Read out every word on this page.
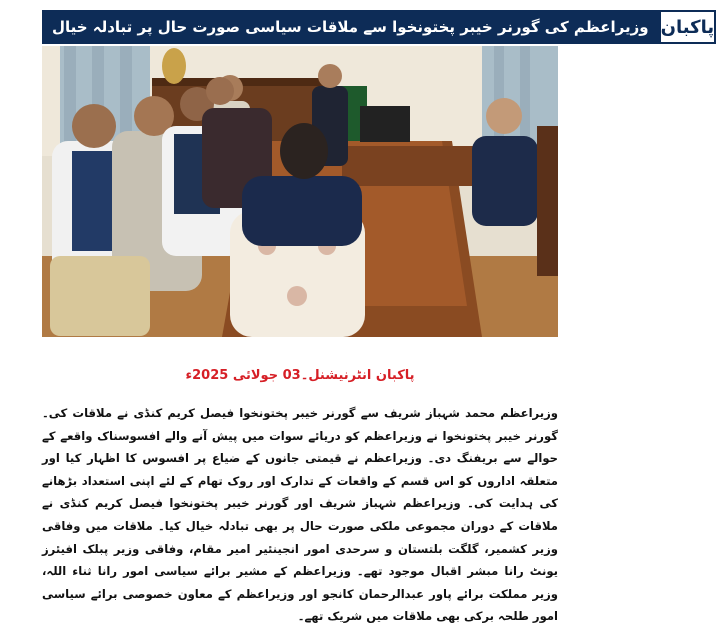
وزیراعظم کی گورنر خیبر پختونخوا سے ملاقات سیاسی صورت حال پر تبادلہ خیال پاکبان
پاکبان انٹرنیشنل۔03 جولائی 2025ء
وزیراعظم محمد شہباز شریف سے گورنر خیبر پختونخوا فیصل کریم کنڈی نے ملاقات کی۔ گورنر خیبر پختونخوا نے وزیراعظم کو دریائے سوات میں پیش آنے والے افسوسناک واقعے کے حوالے سے بریفنگ دی۔ وزیراعظم نے قیمتی جانوں کے ضیاع پر افسوس کا اظہار کیا اور متعلقہ اداروں کو اس قسم کے واقعات کے تدارک اور روک تھام کے لئے اپنی استعداد بڑھانے کی ہدایت کی۔ وزیراعظم شہباز شریف اور گورنر خیبر پختونخوا فیصل کریم کنڈی نے ملاقات کے دوران مجموعی ملکی صورت حال پر بھی تبادلہ خیال کیا۔ ملاقات میں وفاقی وزیر کشمیر، گلگت بلتستان و سرحدی امور انجینئیر امیر مقام، وفاقی وزیر پبلک افیئرز یونٹ رانا مبشر اقبال موجود تھے۔ وزیراعظم کے مشیر برائے سیاسی امور رانا ثناء اللہ، وزیر مملکت برائے پاور عبدالرحمان کانجو اور وزیراعظم کے معاون خصوصی برائے سیاسی امور طلحہ برکی بھی ملاقات میں شریک تھے۔
